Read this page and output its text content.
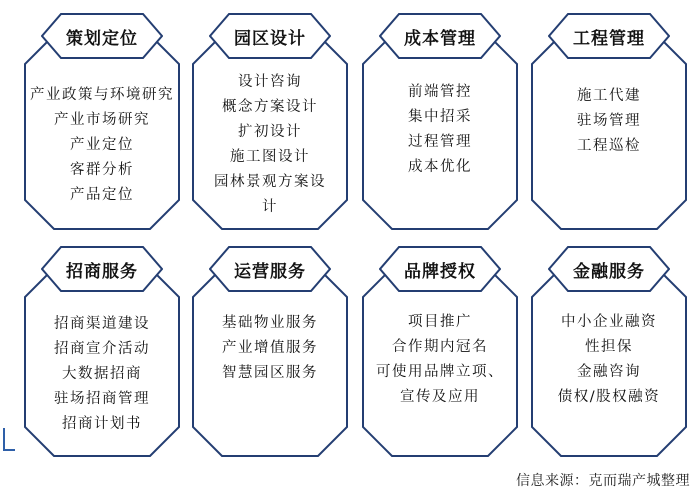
产业政策与环境研究
产业市场研究
产业定位
客群分析
产品定位
策划定位
设计咨询
概念方案设计
扩初设计
施工图设计
园林景观方案设
计
园区设计
前端管控
集中招采
过程管理
成本优化
成本管理
施工代建
驻场管理
工程巡检
工程管理
招商渠道建设
招商宣介活动
大数据招商
驻场招商管理
招商计划书
招商服务
基础物业服务
产业增值服务
智慧园区服务
运营服务
项目推广
合作期内冠名
可使用品牌立项、
宣传及应用
品牌授权
中小企业融资
性担保
金融咨询
债权/股权融资
金融服务
信息来源：克而瑞产城整理
